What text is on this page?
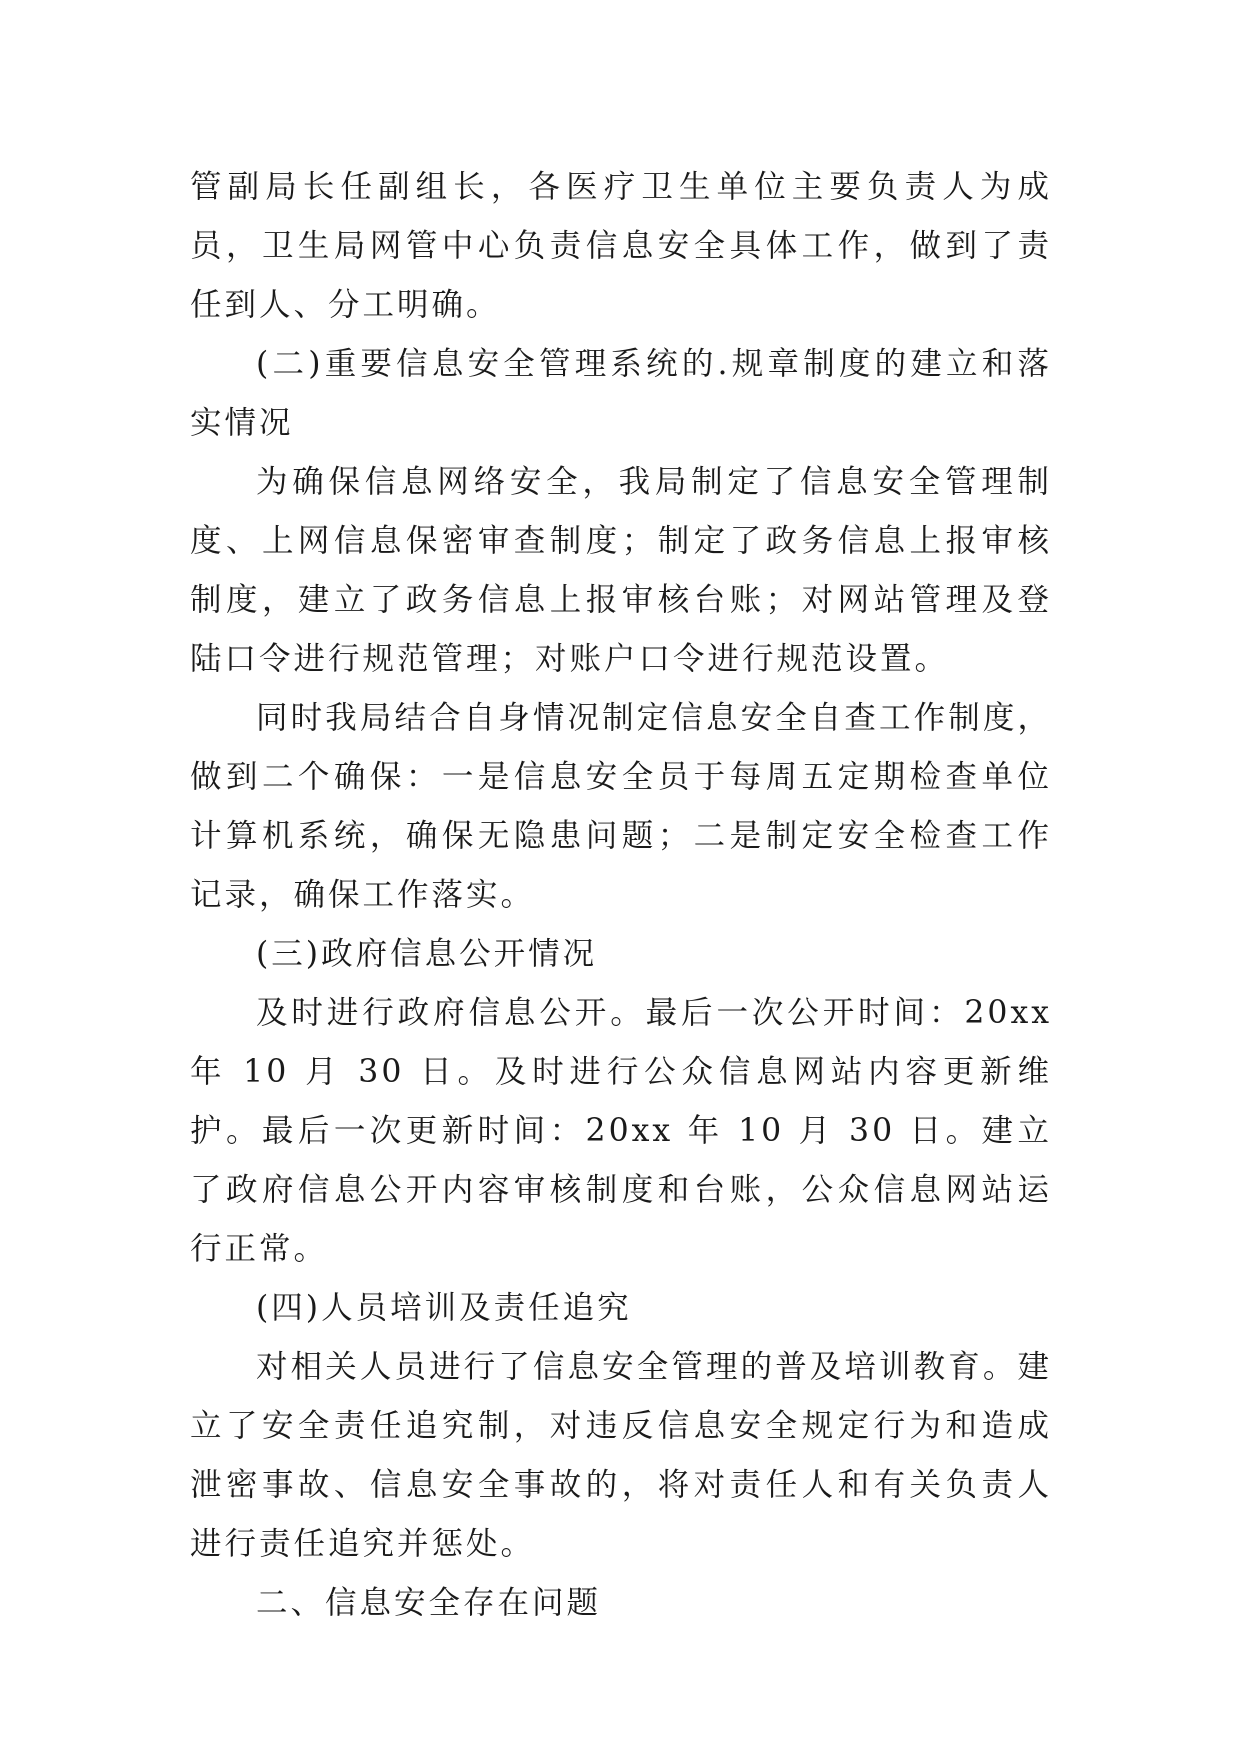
管副局长任副组长，各医疗卫生单位主要负责人为成员，卫生局网管中心负责信息安全具体工作，做到了责任到人、分工明确。

(二)重要信息安全管理系统的.规章制度的建立和落实情况

为确保信息网络安全，我局制定了信息安全管理制度、上网信息保密审查制度；制定了政务信息上报审核制度，建立了政务信息上报审核台账；对网站管理及登陆口令进行规范管理；对账户口令进行规范设置。

同时我局结合自身情况制定信息安全自查工作制度，做到二个确保：一是信息安全员于每周五定期检查单位计算机系统，确保无隐患问题；二是制定安全检查工作记录，确保工作落实。

(三)政府信息公开情况

及时进行政府信息公开。最后一次公开时间：20xx 年 10 月 30 日。及时进行公众信息网站内容更新维护。最后一次更新时间：20xx 年 10 月 30 日。建立了政府信息公开内容审核制度和台账，公众信息网站运行正常。

(四)人员培训及责任追究

对相关人员进行了信息安全管理的普及培训教育。建立了安全责任追究制，对违反信息安全规定行为和造成泄密事故、信息安全事故的，将对责任人和有关负责人进行责任追究并惩处。

二、信息安全存在问题
